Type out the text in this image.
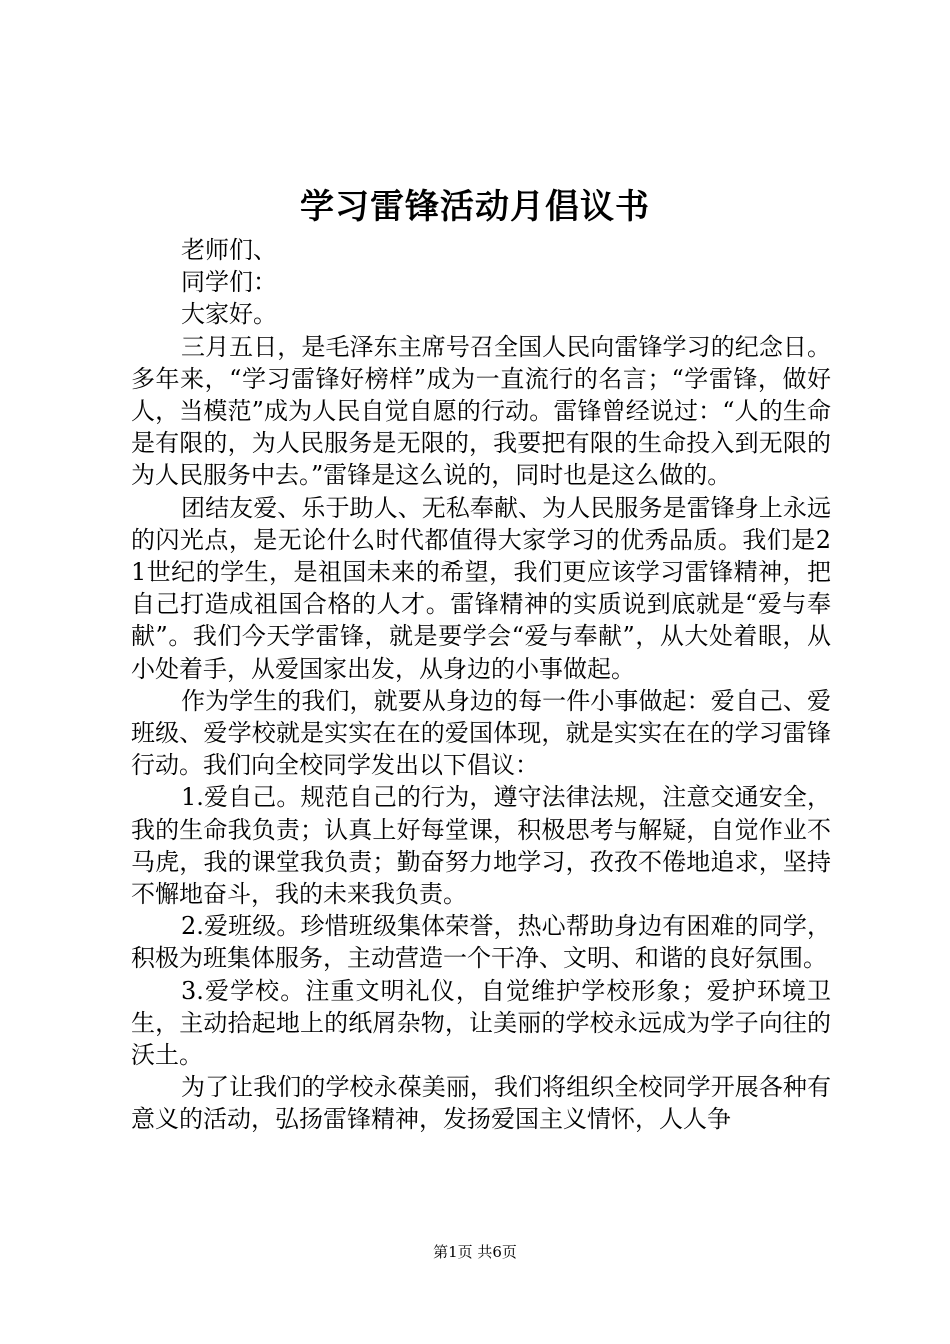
学习雷锋活动月倡议书

老师们、

同学们：

大家好。

三月五日，是毛泽东主席号召全国人民向雷锋学习的纪念日。多年来，“学习雷锋好榜样”成为一直流行的名言；“学雷锋，做好人，当模范”成为人民自觉自愿的行动。雷锋曾经说过：“人的生命是有限的，为人民服务是无限的，我要把有限的生命投入到无限的为人民服务中去。”雷锋是这么说的，同时也是这么做的。

团结友爱、乐于助人、无私奉献、为人民服务是雷锋身上永远的闪光点，是无论什么时代都值得大家学习的优秀品质。我们是21世纪的学生，是祖国未来的希望，我们更应该学习雷锋精神，把自己打造成祖国合格的人才。雷锋精神的实质说到底就是“爱与奉献”。我们今天学雷锋，就是要学会“爱与奉献”，从大处着眼，从小处着手，从爱国家出发，从身边的小事做起。

作为学生的我们，就要从身边的每一件小事做起：爱自己、爱班级、爱学校就是实实在在的爱国体现，就是实实在在的学习雷锋行动。我们向全校同学发出以下倡议：

1.爱自己。规范自己的行为，遵守法律法规，注意交通安全，我的生命我负责；认真上好每堂课，积极思考与解疑，自觉作业不马虎，我的课堂我负责；勤奋努力地学习，孜孜不倦地追求，坚持不懈地奋斗，我的未来我负责。

2.爱班级。珍惜班级集体荣誉，热心帮助身边有困难的同学，积极为班集体服务，主动营造一个干净、文明、和谐的良好氛围。

3.爱学校。注重文明礼仪，自觉维护学校形象；爱护环境卫生，主动拾起地上的纸屑杂物，让美丽的学校永远成为学子向往的沃土。

为了让我们的学校永葆美丽，我们将组织全校同学开展各种有意义的活动，弘扬雷锋精神，发扬爱国主义情怀，人人争

第1页 共6页
